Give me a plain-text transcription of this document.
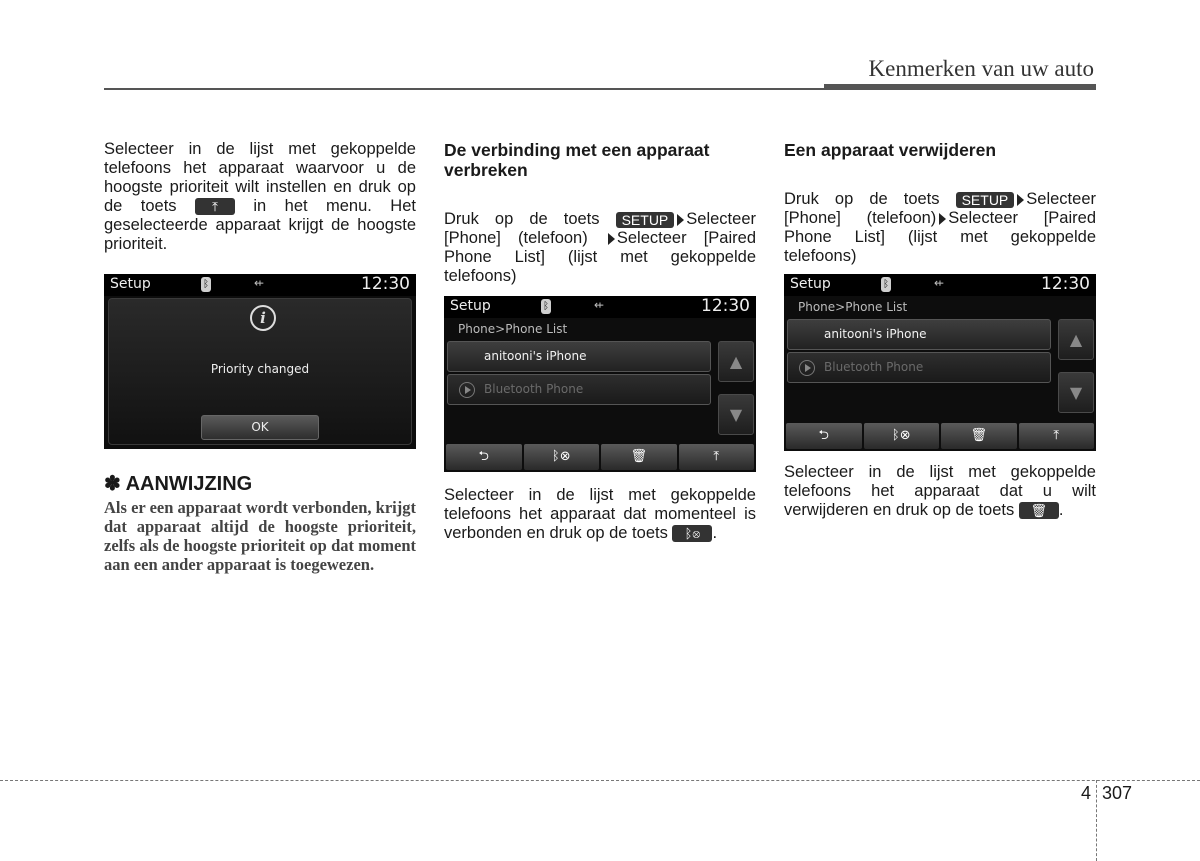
Kenmerken van uw auto

Selecteer in de lijst met gekoppelde telefoons het apparaat waarvoor u de hoogste prioriteit wilt instellen en druk op de toets	⤒ in het menu. Het geselecteerde apparaat krijgt de hoogste prioriteit.

Setup	ᛒ	⇷	12:30
i
Priority changed
OK
✽ AANWIJZING

Als er een apparaat wordt verbonden, krijgt dat apparaat altijd de hoogste prioriteit, zelfs als de hoogste prioriteit op dat moment aan een ander apparaat is toegewezen.

De verbinding met een apparaat verbreken

Druk op de toets SETUP Selecteer [Phone] (telefoon) Selecteer [Paired Phone List] (lijst met gekoppelde telefoons)

Setup	ᛒ	⇷	12:30
Phone>Phone List
anitooni's iPhone
Bluetooth Phone
▲
▼
⮌	ᛒ⊗	🗑	⤒

Selecteer in de lijst met gekoppelde telefoons het apparaat dat momenteel is verbonden en druk op de toets ᛒ⊗ .

Een apparaat verwijderen

Druk op de toets SETUP Selecteer [Phone] (telefoon) Selecteer [Paired Phone List] (lijst met gekoppelde telefoons)

Setup	ᛒ	⇷	12:30
Phone>Phone List
anitooni's iPhone
Bluetooth Phone
▲
▼
⮌	ᛒ⊗	🗑	⤒

Selecteer in de lijst met gekoppelde telefoons het apparaat dat u wilt verwijderen en druk op de toets 🗑 .

4 307
